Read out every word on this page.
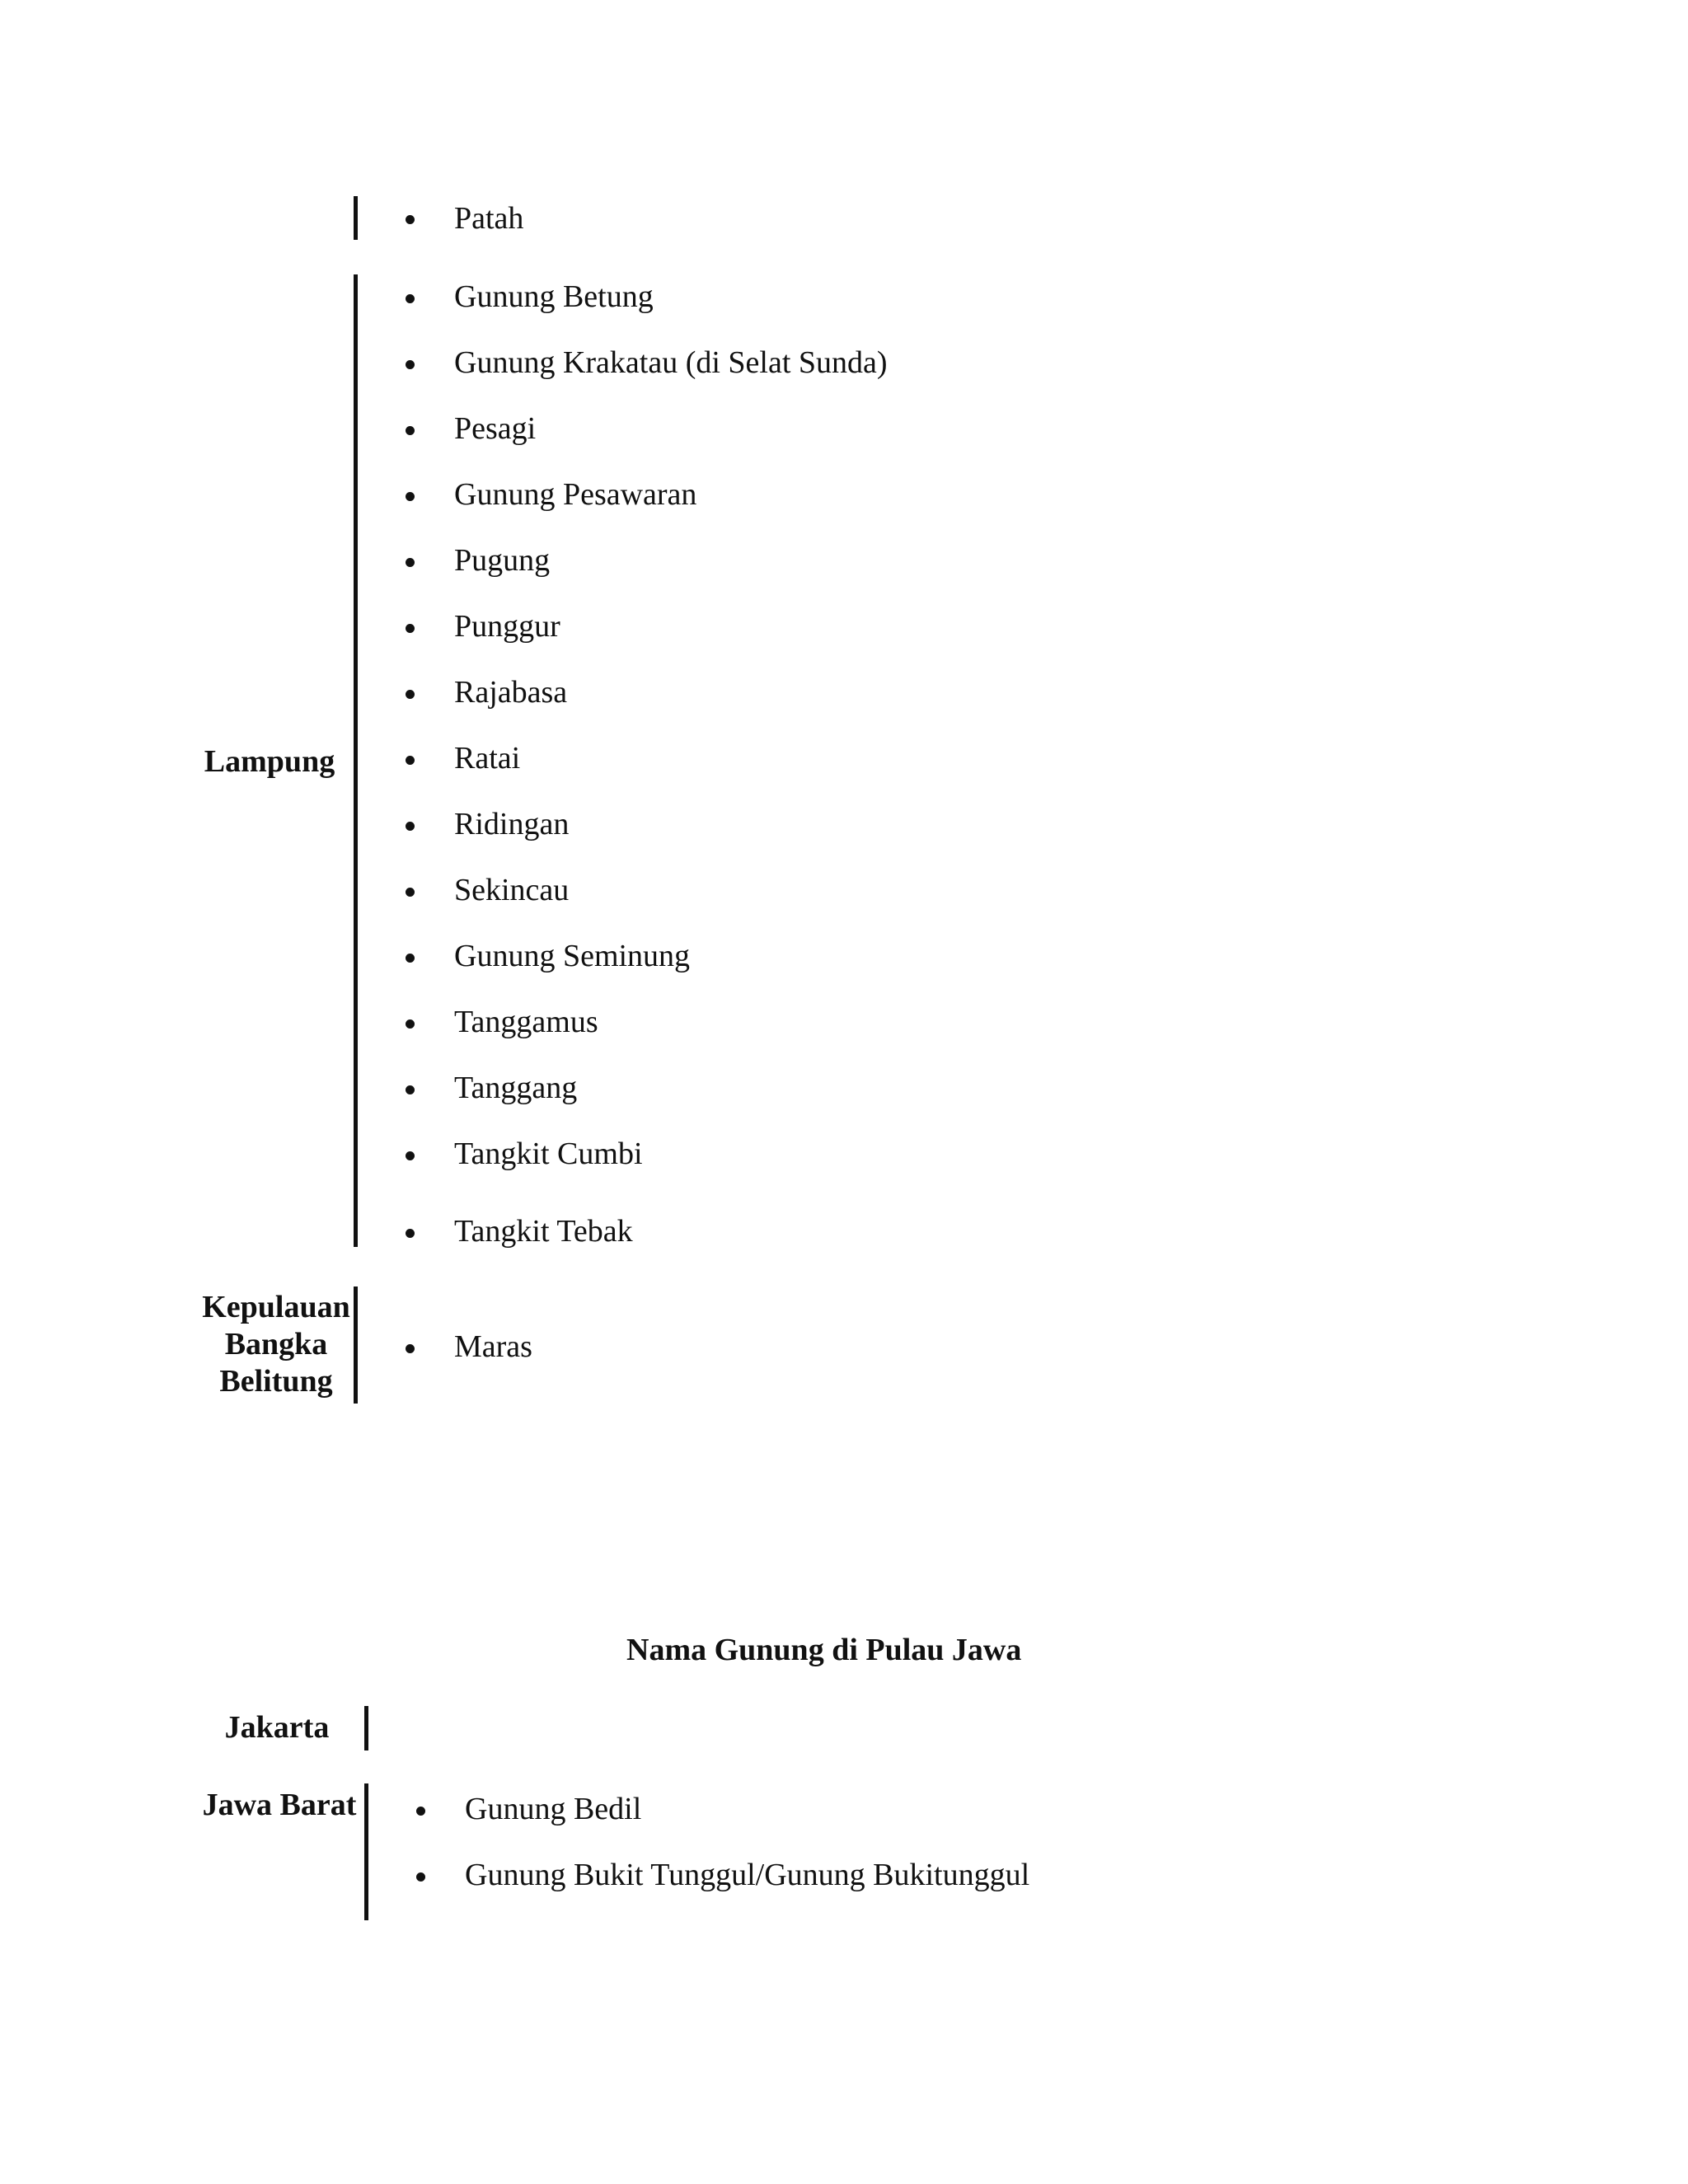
Patah
Lampung
Gunung Betung
Gunung Krakatau (di Selat Sunda)
Pesagi
Gunung Pesawaran
Pugung
Punggur
Rajabasa
Ratai
Ridingan
Sekincau
Gunung Seminung
Tanggamus
Tanggang
Tangkit Cumbi
Tangkit Tebak
Kepulauan
Bangka
Belitung
Maras
Nama Gunung di Pulau Jawa
Jakarta
Jawa Barat	Gunung Bedil
Gunung Bukit Tunggul/Gunung Bukitunggul
